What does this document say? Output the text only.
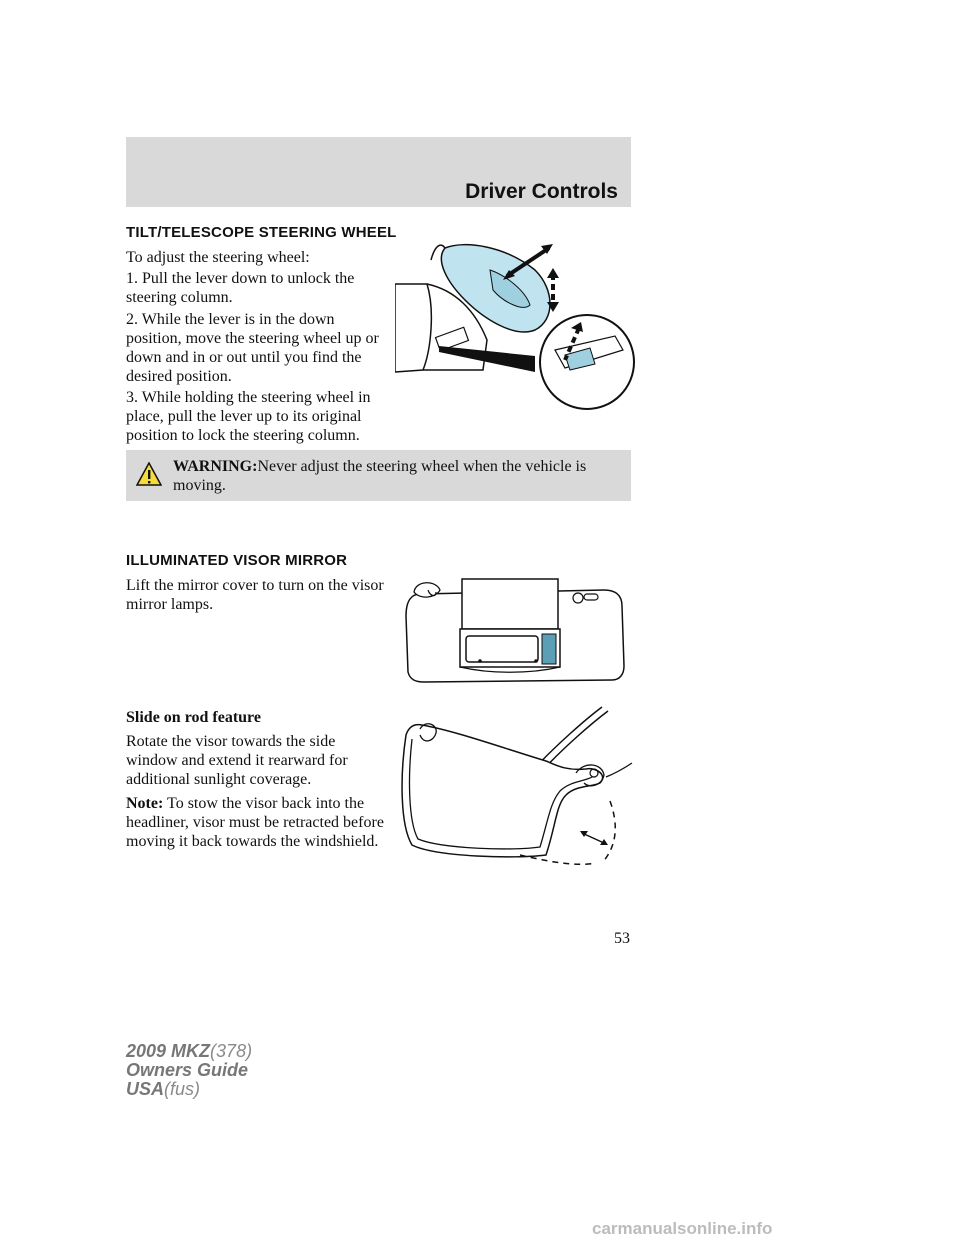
Driver Controls
TILT/TELESCOPE STEERING WHEEL
To adjust the steering wheel:
1. Pull the lever down to unlock the steering column.
2. While the lever is in the down position, move the steering wheel up or down and in or out until you find the desired position.
3. While holding the steering wheel in place, pull the lever up to its original position to lock the steering column.
WARNING:Never adjust the steering wheel when the vehicle is moving.
ILLUMINATED VISOR MIRROR
Lift the mirror cover to turn on the visor mirror lamps.
Slide on rod feature
Rotate the visor towards the side window and extend it rearward for additional sunlight coverage.
Note: To stow the visor back into the headliner, visor must be retracted before moving it back towards the windshield.
53
2009 MKZ(378)
Owners Guide
USA(fus)
carmanualsonline.info
